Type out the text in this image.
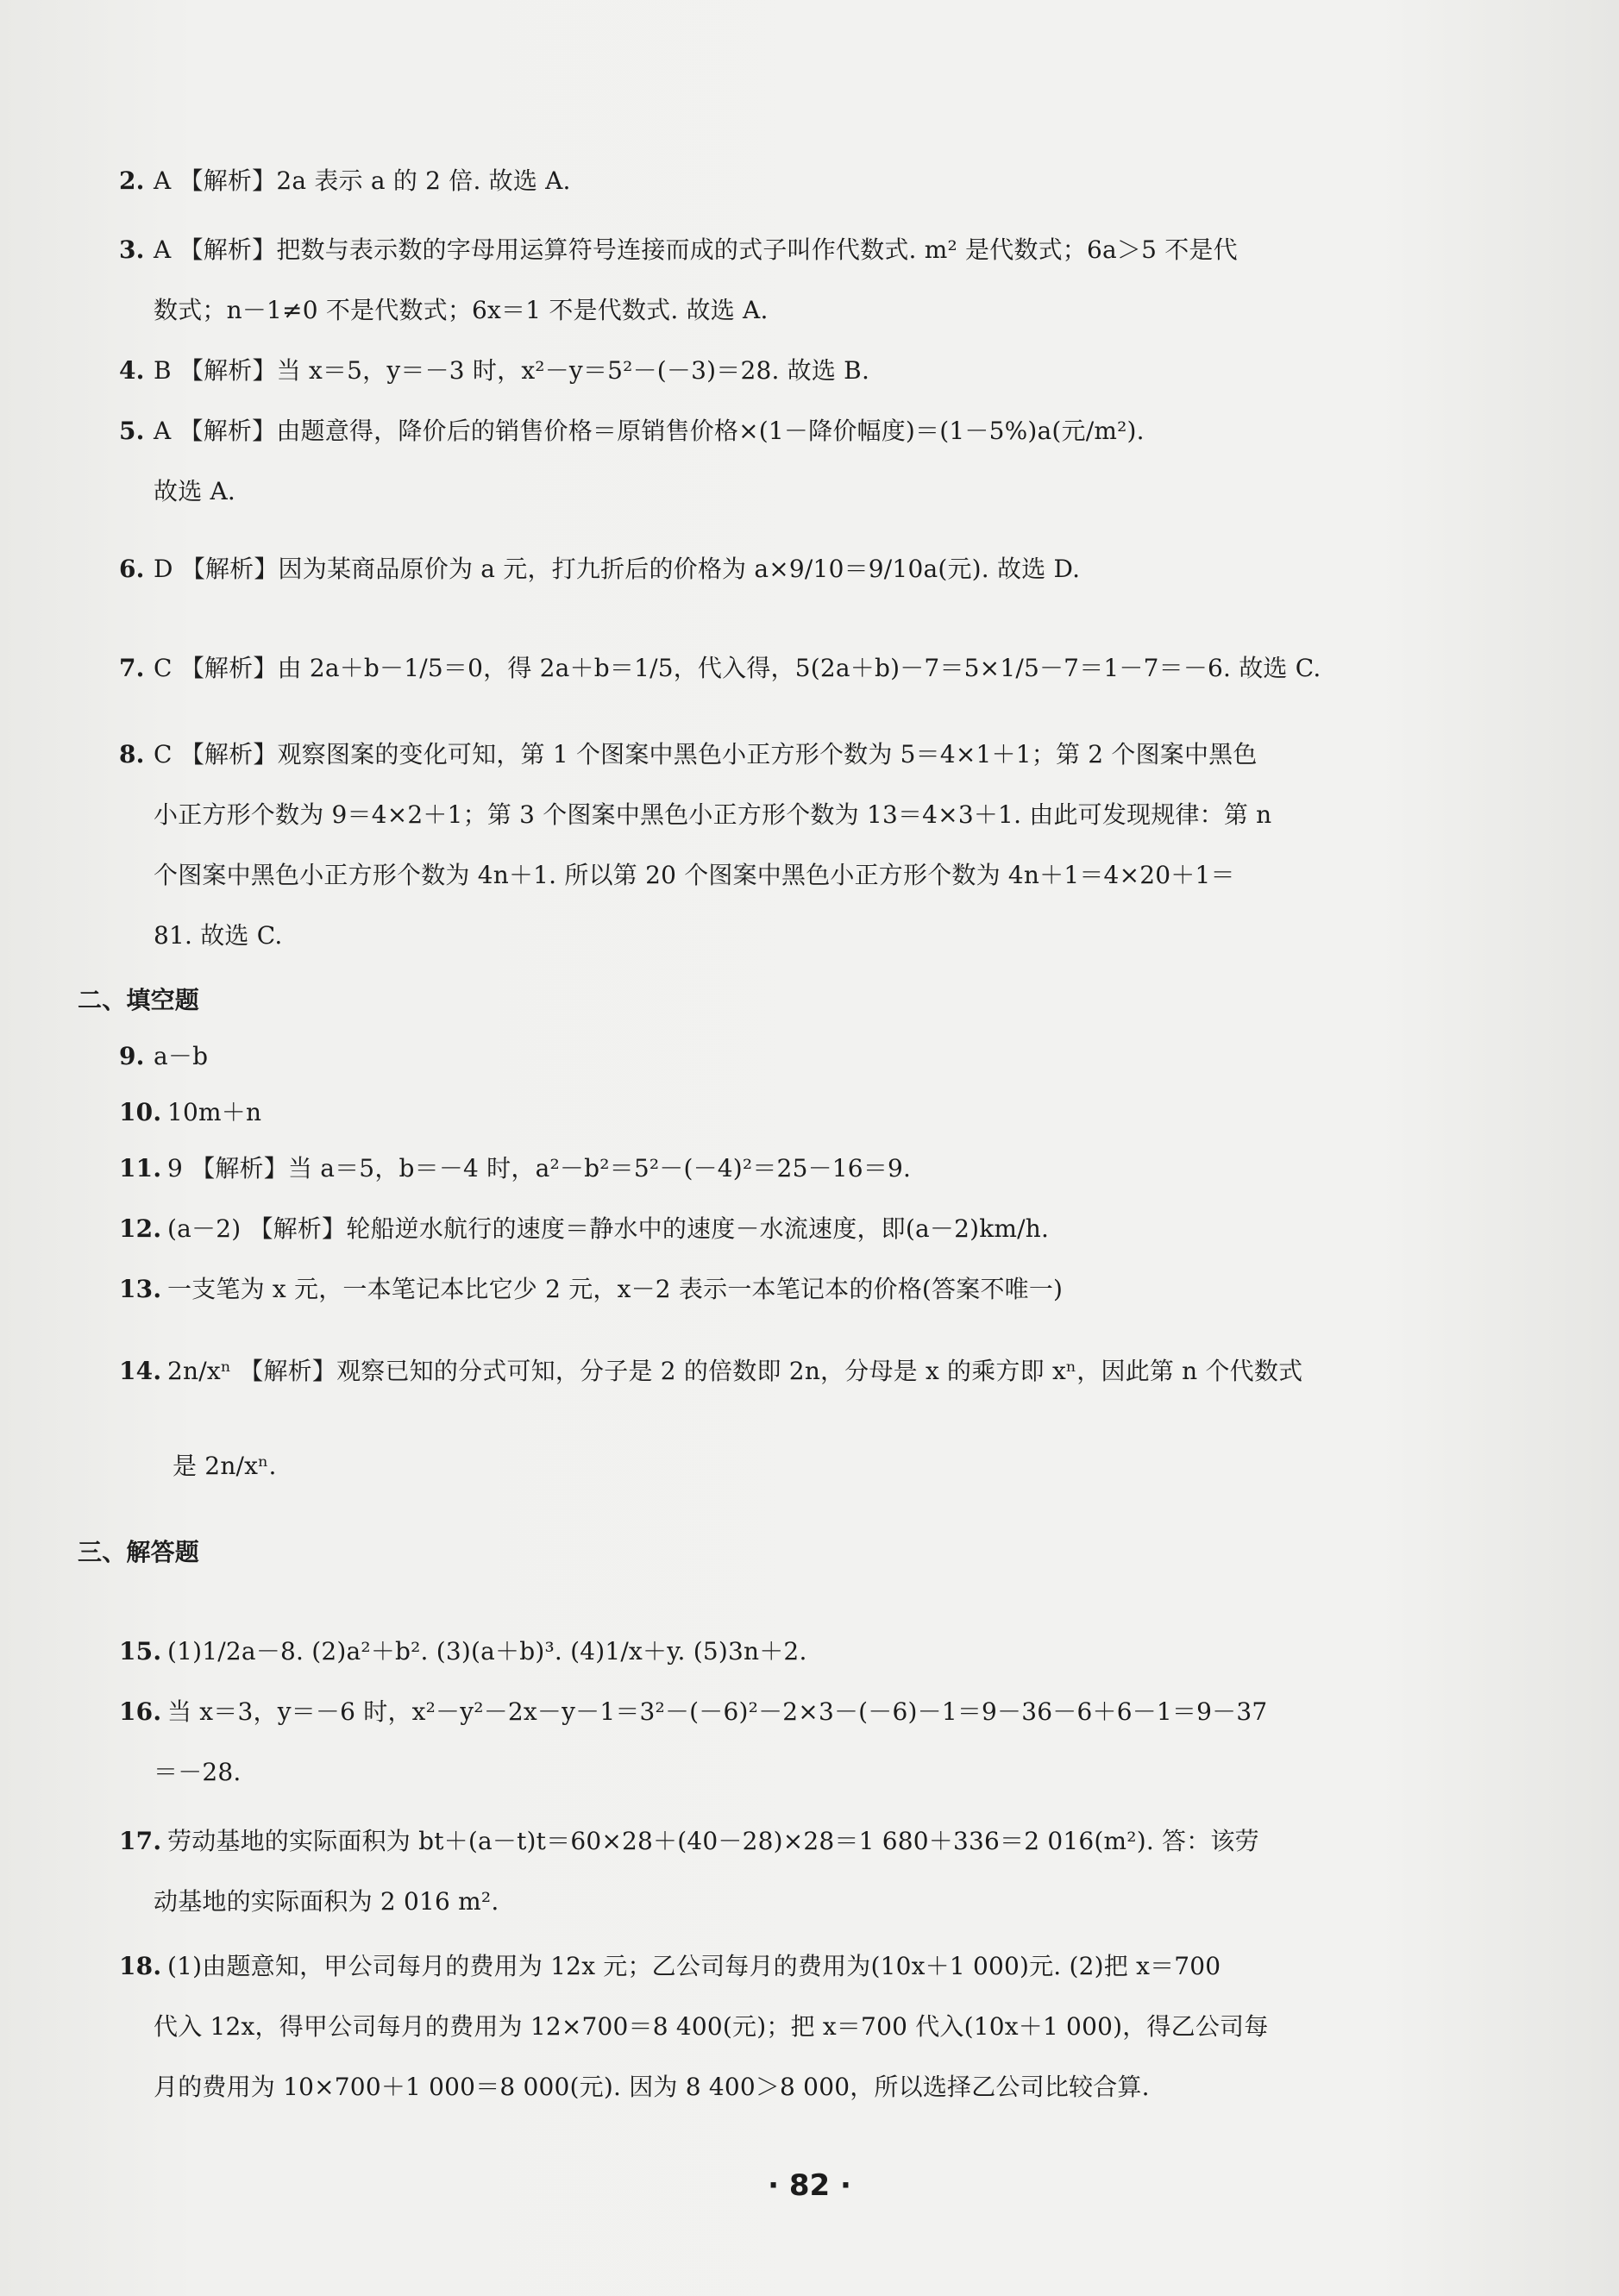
2. A 【解析】2a 表示 a 的 2 倍. 故选 A.
3. A 【解析】把数与表示数的字母用运算符号连接而成的式子叫作代数式. m² 是代数式；6a＞5 不是代
数式；n－1≠0 不是代数式；6x＝1 不是代数式. 故选 A.
4. B 【解析】当 x＝5，y＝－3 时，x²－y＝5²－(－3)＝28. 故选 B.
5. A 【解析】由题意得，降价后的销售价格＝原销售价格×(1－降价幅度)＝(1－5%)a(元/m²).
故选 A.
6. D 【解析】因为某商品原价为 a 元，打九折后的价格为 a×9/10＝9/10a(元). 故选 D.
7. C 【解析】由 2a＋b－1/5＝0，得 2a＋b＝1/5，代入得，5(2a＋b)－7＝5×1/5－7＝1－7＝－6. 故选 C.
8. C 【解析】观察图案的变化可知，第 1 个图案中黑色小正方形个数为 5＝4×1＋1；第 2 个图案中黑色
小正方形个数为 9＝4×2＋1；第 3 个图案中黑色小正方形个数为 13＝4×3＋1. 由此可发现规律：第 n
个图案中黑色小正方形个数为 4n＋1. 所以第 20 个图案中黑色小正方形个数为 4n＋1＝4×20＋1＝
81. 故选 C.
二、填空题
9. a－b
10. 10m＋n
11. 9 【解析】当 a＝5，b＝－4 时，a²－b²＝5²－(－4)²＝25－16＝9.
12. (a－2) 【解析】轮船逆水航行的速度＝静水中的速度－水流速度，即(a－2)km/h.
13. 一支笔为 x 元，一本笔记本比它少 2 元，x－2 表示一本笔记本的价格(答案不唯一)
14. 2n/xⁿ 【解析】观察已知的分式可知，分子是 2 的倍数即 2n，分母是 x 的乘方即 xⁿ，因此第 n 个代数式
是 2n/xⁿ.
三、解答题
15. (1)1/2a－8. (2)a²＋b². (3)(a＋b)³. (4)1/x＋y. (5)3n＋2.
16. 当 x＝3，y＝－6 时，x²－y²－2x－y－1＝3²－(－6)²－2×3－(－6)－1＝9－36－6＋6－1＝9－37
＝－28.
17. 劳动基地的实际面积为 bt＋(a－t)t＝60×28＋(40－28)×28＝1 680＋336＝2 016(m²). 答：该劳
动基地的实际面积为 2 016 m².
18. (1)由题意知，甲公司每月的费用为 12x 元；乙公司每月的费用为(10x＋1 000)元. (2)把 x＝700
代入 12x，得甲公司每月的费用为 12×700＝8 400(元)；把 x＝700 代入(10x＋1 000)，得乙公司每
月的费用为 10×700＋1 000＝8 000(元). 因为 8 400＞8 000，所以选择乙公司比较合算.
· 82 ·
